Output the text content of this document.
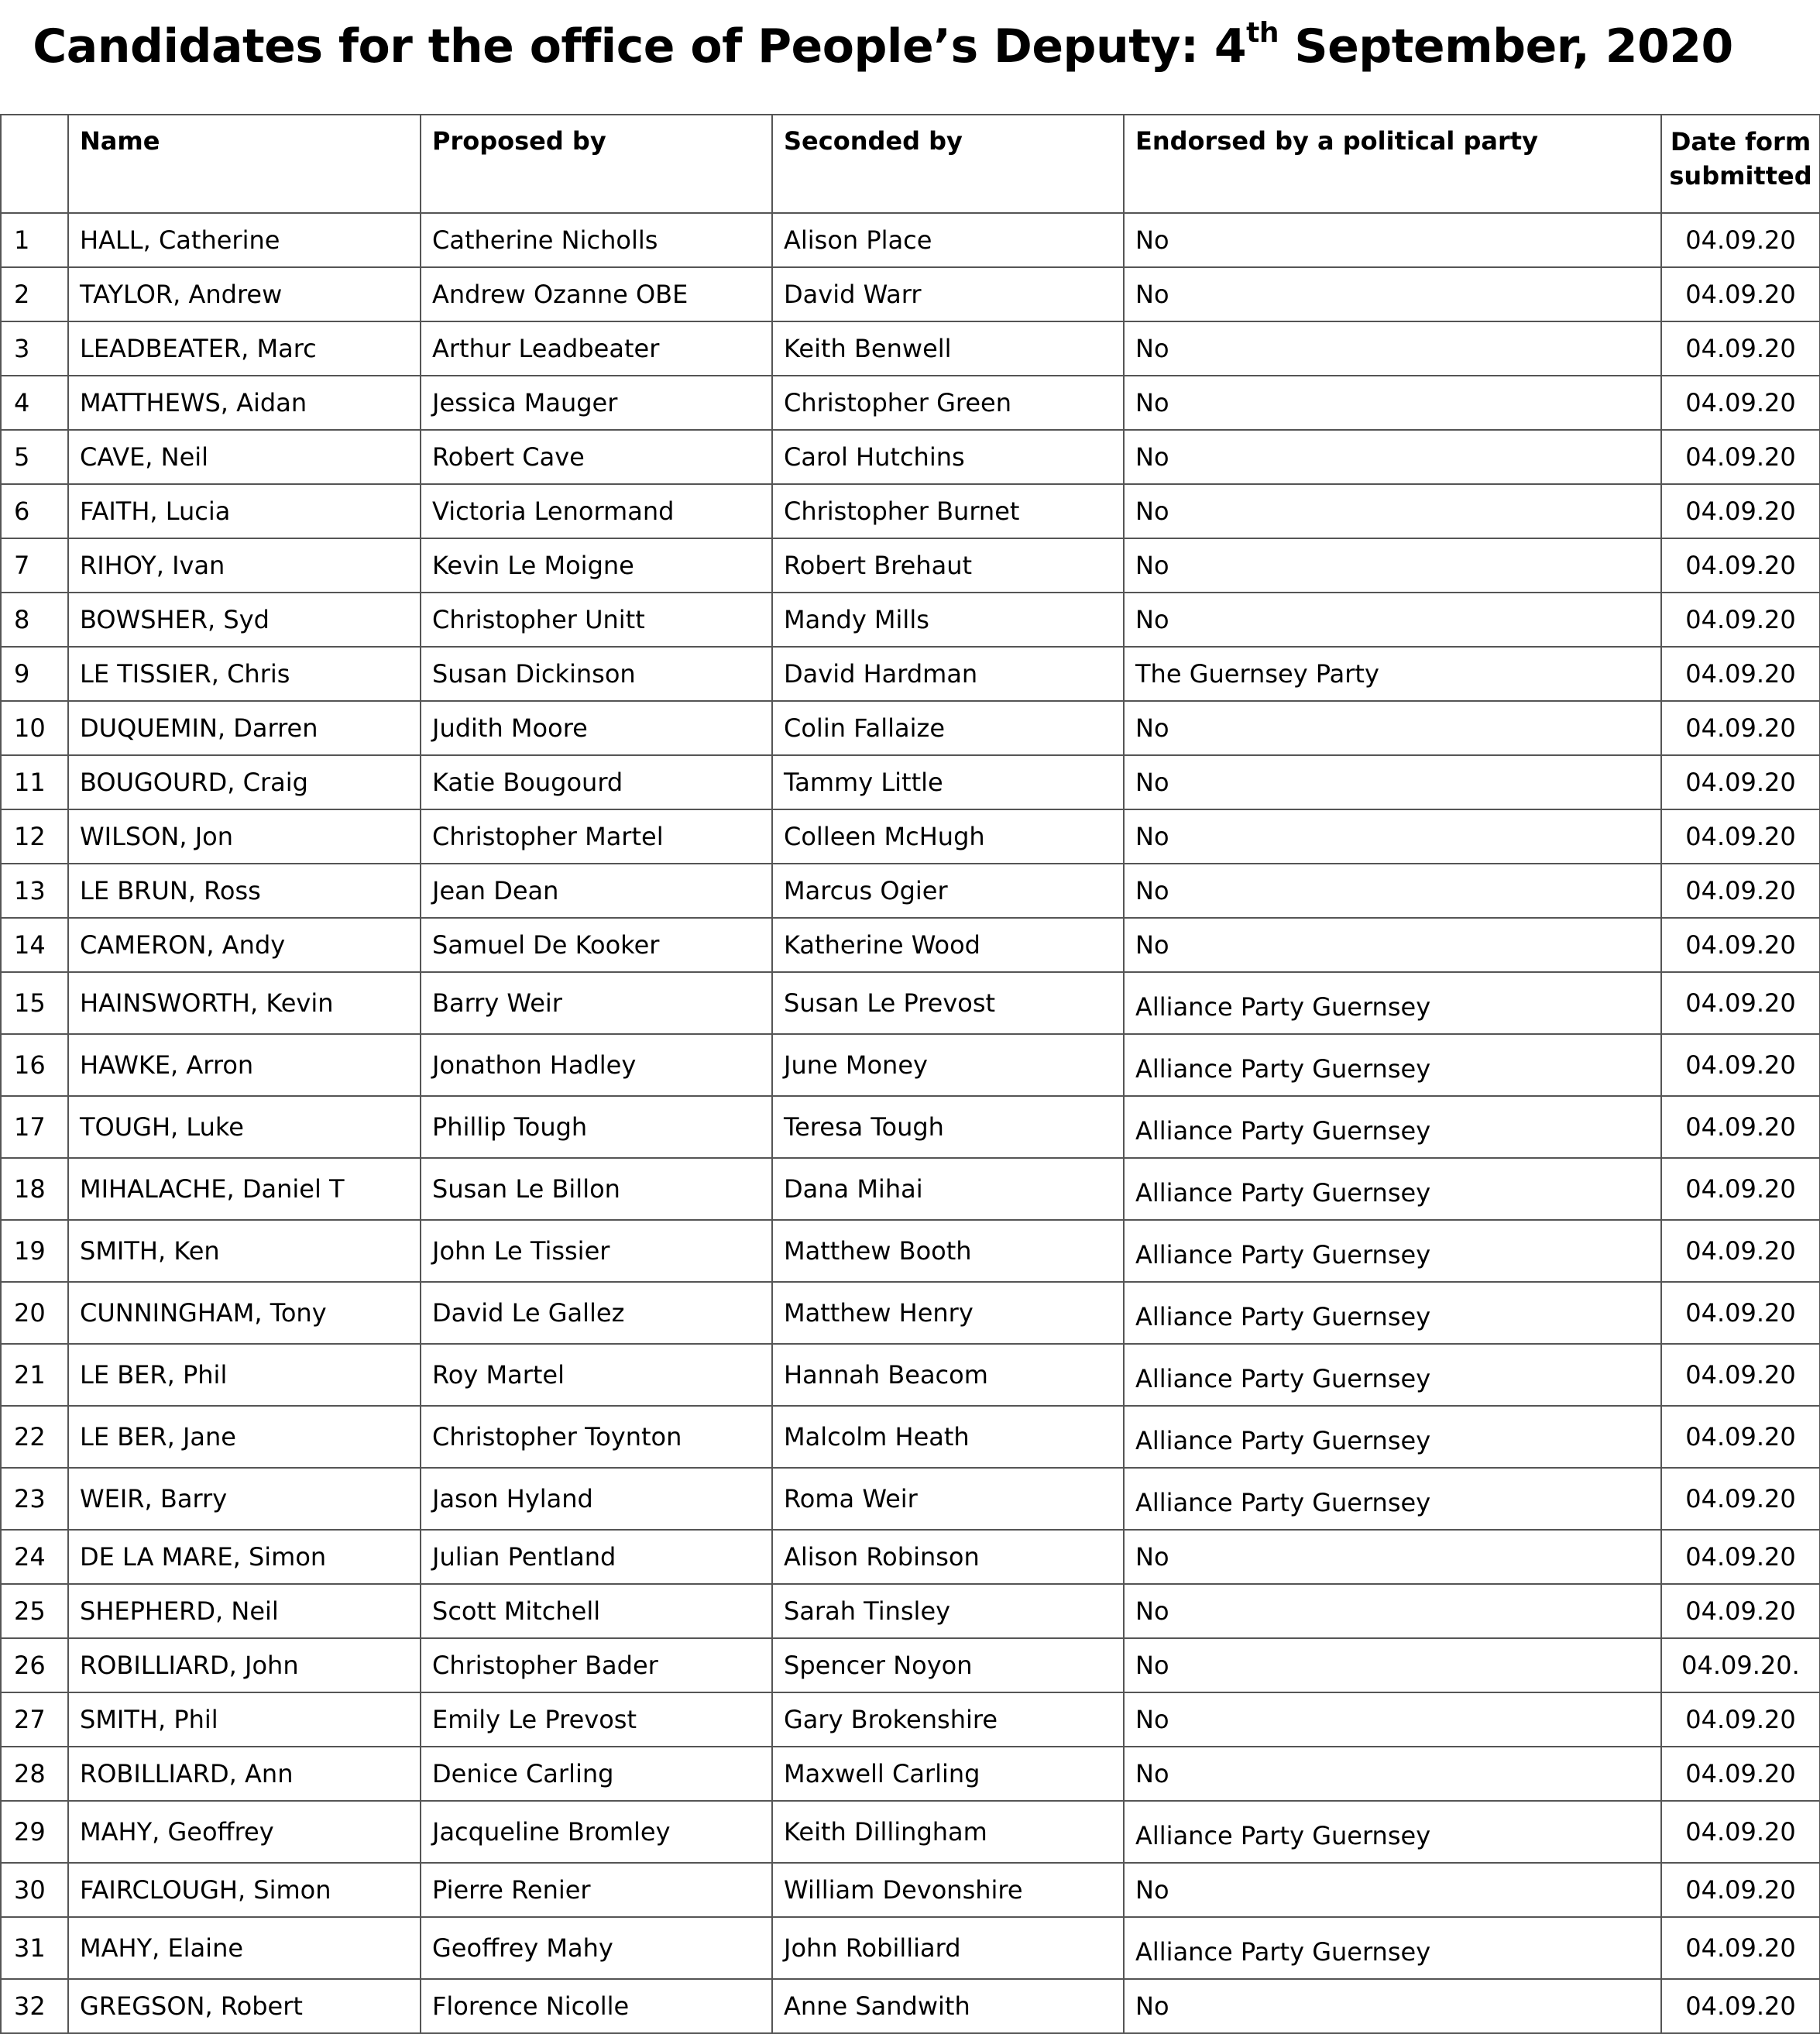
Candidates for the office of People’s Deputy: 4th September, 2020
	Name	Proposed by	Seconded by	Endorsed by a political party	Date form submitted
1	HALL, Catherine	Catherine Nicholls	Alison Place	No	04.09.20
2	TAYLOR, Andrew	Andrew Ozanne OBE	David Warr	No	04.09.20
3	LEADBEATER, Marc	Arthur Leadbeater	Keith Benwell	No	04.09.20
4	MATTHEWS, Aidan	Jessica Mauger	Christopher Green	No	04.09.20
5	CAVE, Neil	Robert Cave	Carol Hutchins	No	04.09.20
6	FAITH, Lucia	Victoria Lenormand	Christopher Burnet	No	04.09.20
7	RIHOY, Ivan	Kevin Le Moigne	Robert Brehaut	No	04.09.20
8	BOWSHER, Syd	Christopher Unitt	Mandy Mills	No	04.09.20
9	LE TISSIER, Chris	Susan Dickinson	David Hardman	The Guernsey Party	04.09.20
10	DUQUEMIN, Darren	Judith Moore	Colin Fallaize	No	04.09.20
11	BOUGOURD, Craig	Katie Bougourd	Tammy Little	No	04.09.20
12	WILSON, Jon	Christopher Martel	Colleen McHugh	No	04.09.20
13	LE BRUN, Ross	Jean Dean	Marcus Ogier	No	04.09.20
14	CAMERON, Andy	Samuel De Kooker	Katherine Wood	No	04.09.20
15	HAINSWORTH, Kevin	Barry Weir	Susan Le Prevost	Alliance Party Guernsey	04.09.20
16	HAWKE, Arron	Jonathon Hadley	June Money	Alliance Party Guernsey	04.09.20
17	TOUGH, Luke	Phillip Tough	Teresa Tough	Alliance Party Guernsey	04.09.20
18	MIHALACHE, Daniel T	Susan Le Billon	Dana Mihai	Alliance Party Guernsey	04.09.20
19	SMITH, Ken	John Le Tissier	Matthew Booth	Alliance Party Guernsey	04.09.20
20	CUNNINGHAM, Tony	David Le Gallez	Matthew Henry	Alliance Party Guernsey	04.09.20
21	LE BER, Phil	Roy Martel	Hannah Beacom	Alliance Party Guernsey	04.09.20
22	LE BER, Jane	Christopher Toynton	Malcolm Heath	Alliance Party Guernsey	04.09.20
23	WEIR, Barry	Jason Hyland	Roma Weir	Alliance Party Guernsey	04.09.20
24	DE LA MARE, Simon	Julian Pentland	Alison Robinson	No	04.09.20
25	SHEPHERD, Neil	Scott Mitchell	Sarah Tinsley	No	04.09.20
26	ROBILLIARD, John	Christopher Bader	Spencer Noyon	No	04.09.20.
27	SMITH, Phil	Emily Le Prevost	Gary Brokenshire	No	04.09.20
28	ROBILLIARD, Ann	Denice Carling	Maxwell Carling	No	04.09.20
29	MAHY, Geoffrey	Jacqueline Bromley	Keith Dillingham	Alliance Party Guernsey	04.09.20
30	FAIRCLOUGH, Simon	Pierre Renier	William Devonshire	No	04.09.20
31	MAHY, Elaine	Geoffrey Mahy	John Robilliard	Alliance Party Guernsey	04.09.20
32	GREGSON, Robert	Florence Nicolle	Anne Sandwith	No	04.09.20
